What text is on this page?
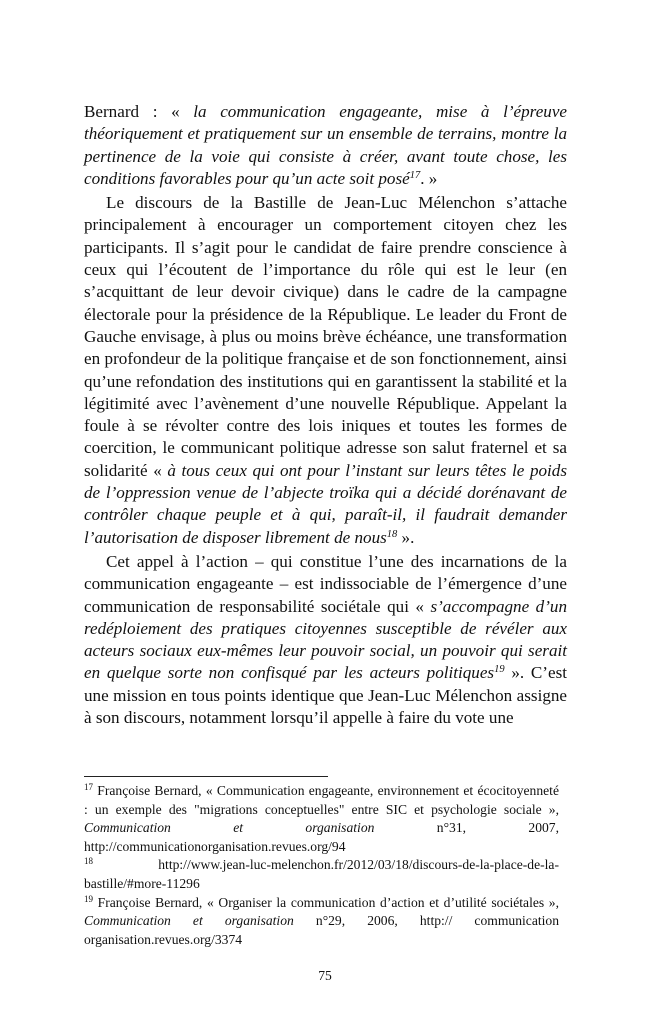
Bernard : « la communication engageante, mise à l’épreuve théoriquement et pratiquement sur un ensemble de terrains, montre la pertinence de la voie qui consiste à créer, avant toute chose, les conditions favorables pour qu’un acte soit posé$^{17}$. »

Le discours de la Bastille de Jean-Luc Mélenchon s’attache principalement à encourager un comportement citoyen chez les participants. Il s’agit pour le candidat de faire prendre conscience à ceux qui l’écoutent de l’importance du rôle qui est le leur (en s’acquittant de leur devoir civique) dans le cadre de la campagne électorale pour la présidence de la République. Le leader du Front de Gauche envisage, à plus ou moins brève échéance, une transformation en profondeur de la politique française et de son fonctionnement, ainsi qu’une refondation des institutions qui en garantissent la stabilité et la légitimité avec l’avènement d’une nouvelle République. Appelant la foule à se révolter contre des lois iniques et toutes les formes de coercition, le communicant politique adresse son salut fraternel et sa solidarité « à tous ceux qui ont pour l’instant sur leurs têtes le poids de l’oppression venue de l’abjecte troïka qui a décidé dorénavant de contrôler chaque peuple et à qui, paraît-il, il faudrait demander l’autorisation de disposer librement de nous$^{18}$ ».

Cet appel à l’action – qui constitue l’une des incarnations de la communication engageante – est indissociable de l’émergence d’une communication de responsabilité sociétale qui « s’accompagne d’un redéploiement des pratiques citoyennes susceptible de révéler aux acteurs sociaux eux-mêmes leur pouvoir social, un pouvoir qui serait en quelque sorte non confisqué par les acteurs politiques$^{19}$ ». C’est une mission en tous points identique que Jean-Luc Mélenchon assigne à son discours, notamment lorsqu’il appelle à faire du vote une

$^{17}$ Françoise Bernard, « Communication engageante, environnement et écocitoyenneté : un exemple des "migrations conceptuelles" entre SIC et psychologie sociale », Communication et organisation n°31, 2007, http://communicationorganisation.revues.org/94

$^{18}$ http://www.jean-luc-melenchon.fr/2012/03/18/discours-de-la-place-de-la-bastille/#more-11296

$^{19}$ Françoise Bernard, « Organiser la communication d’action et d’utilité sociétales », Communication et organisation n°29, 2006, http:// communication organisation.revues.org/3374

75
